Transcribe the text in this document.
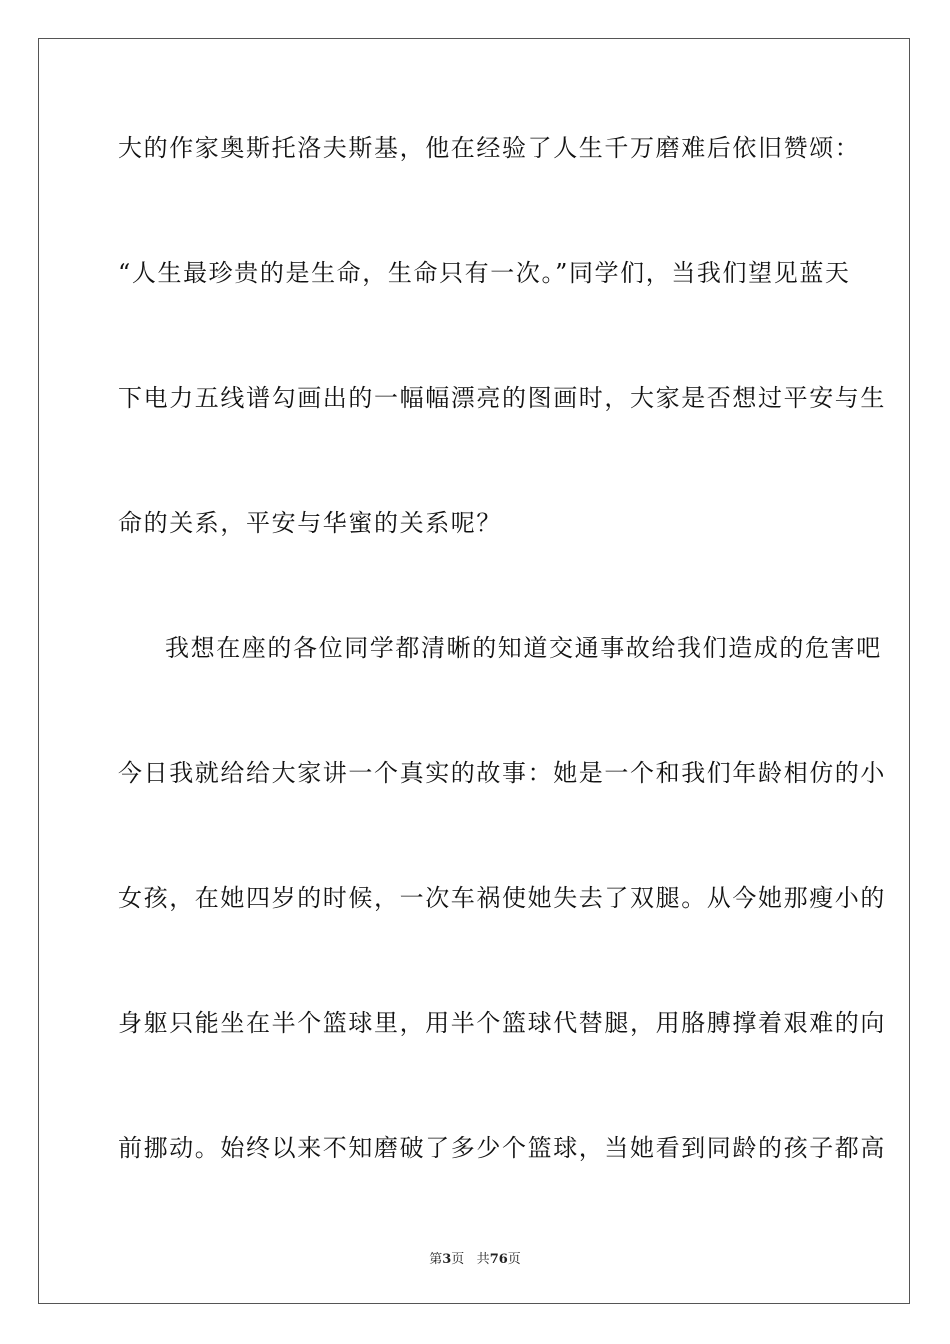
大的作家奥斯托洛夫斯基，他在经验了人生千万磨难后依旧赞颂：
“人生最珍贵的是生命，生命只有一次。”同学们，当我们望见蓝天
下电力五线谱勾画出的一幅幅漂亮的图画时，大家是否想过平安与生
命的关系，平安与华蜜的关系呢？
我想在座的各位同学都清晰的知道交通事故给我们造成的危害吧
今日我就给给大家讲一个真实的故事：她是一个和我们年龄相仿的小
女孩，在她四岁的时候，一次车祸使她失去了双腿。从今她那瘦小的
身躯只能坐在半个篮球里，用半个篮球代替腿，用胳膊撑着艰难的向
前挪动。始终以来不知磨破了多少个篮球，当她看到同龄的孩子都高
第3页 共76页
